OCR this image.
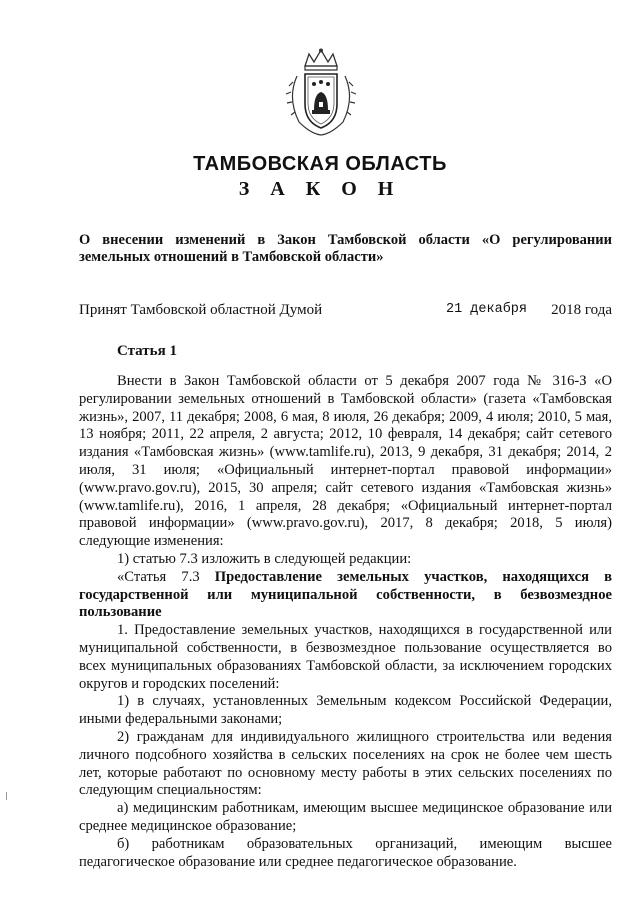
ТАМБОВСКАЯ ОБЛАСТЬ
З А К О Н
О внесении изменений в Закон Тамбовской области «О регулировании земельных отношений в Тамбовской области»
Принят Тамбовской областной Думой	21 декабря 2018 года
Статья 1

Внести в Закон Тамбовской области от 5 декабря 2007 года № 316-З «О регулировании земельных отношений в Тамбовской области» (газета «Тамбовская жизнь», 2007, 11 декабря; 2008, 6 мая, 8 июля, 26 декабря; 2009, 4 июля; 2010, 5 мая, 13 ноября; 2011, 22 апреля, 2 августа; 2012, 10 февраля, 14 декабря; сайт сетевого издания «Тамбовская жизнь» (www.tamlife.ru), 2013, 9 декабря, 31 декабря; 2014, 2 июля, 31 июля; «Официальный интернет-портал правовой информации» (www.pravo.gov.ru), 2015, 30 апреля; сайт сетевого издания «Тамбовская жизнь» (www.tamlife.ru), 2016, 1 апреля, 28 декабря; «Официальный интернет-портал правовой информации» (www.pravo.gov.ru), 2017, 8 декабря; 2018, 5 июля) следующие изменения:

1) статью 7.3 изложить в следующей редакции:

«Статья 7.3 Предоставление земельных участков, находящихся в государственной или муниципальной собственности, в безвозмездное пользование

1. Предоставление земельных участков, находящихся в государственной или муниципальной собственности, в безвозмездное пользование осуществляется во всех муниципальных образованиях Тамбовской области, за исключением городских округов и городских поселений:

1) в случаях, установленных Земельным кодексом Российской Федерации, иными федеральными законами;

2) гражданам для индивидуального жилищного строительства или ведения личного подсобного хозяйства в сельских поселениях на срок не более чем шесть лет, которые работают по основному месту работы в этих сельских поселениях по следующим специальностям:

а) медицинским работникам, имеющим высшее медицинское образование или среднее медицинское образование;

б) работникам образовательных организаций, имеющим высшее педагогическое образование или среднее педагогическое образование.
